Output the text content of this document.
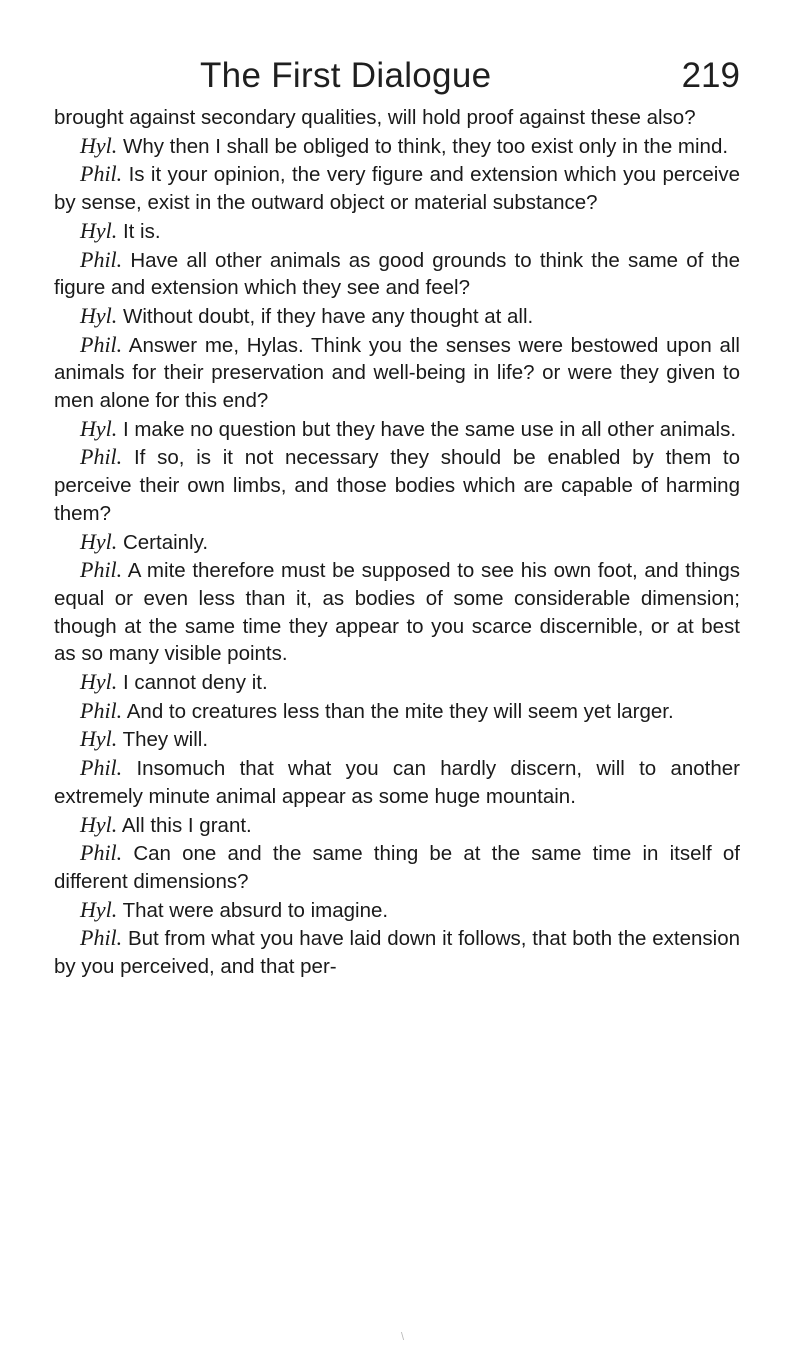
The First Dialogue	219

brought against secondary qualities, will hold proof against these also?

Hyl. Why then I shall be obliged to think, they too exist only in the mind.

Phil. Is it your opinion, the very figure and extension which you perceive by sense, exist in the outward object or material substance?

Hyl. It is.

Phil. Have all other animals as good grounds to think the same of the figure and extension which they see and feel?

Hyl. Without doubt, if they have any thought at all.

Phil. Answer me, Hylas. Think you the senses were bestowed upon all animals for their preservation and well-being in life? or were they given to men alone for this end?

Hyl. I make no question but they have the same use in all other animals.

Phil. If so, is it not necessary they should be enabled by them to perceive their own limbs, and those bodies which are capable of harming them?

Hyl. Certainly.

Phil. A mite therefore must be supposed to see his own foot, and things equal or even less than it, as bodies of some considerable dimension; though at the same time they appear to you scarce discernible, or at best as so many visible points.

Hyl. I cannot deny it.

Phil. And to creatures less than the mite they will seem yet larger.

Hyl. They will.

Phil. Insomuch that what you can hardly discern, will to another extremely minute animal appear as some huge mountain.

Hyl. All this I grant.

Phil. Can one and the same thing be at the same time in itself of different dimensions?

Hyl. That were absurd to imagine.

Phil. But from what you have laid down it follows, that both the extension by you perceived, and that per-

\
